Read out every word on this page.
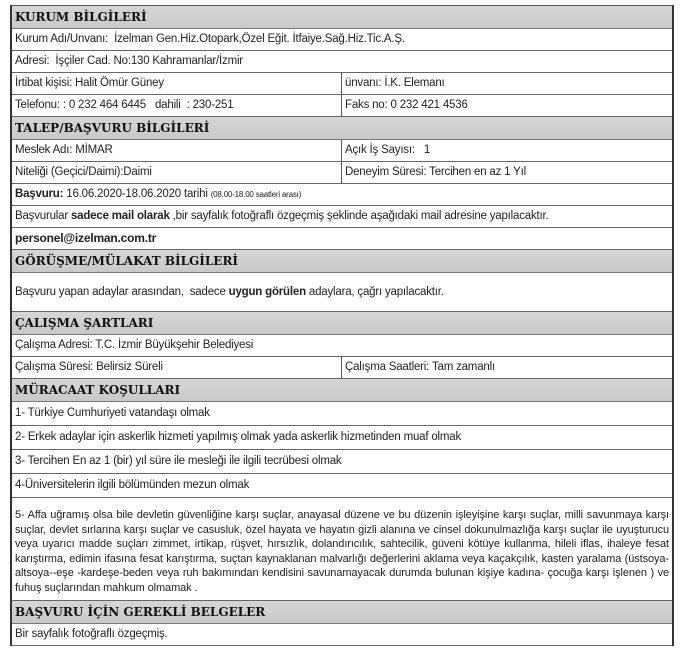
KURUM BİLGİLERİ
Kurum Adı/Unvanı:
İzelman Gen.Hiz.Otopark,Özel Eğit. İtfaiye.Sağ.Hiz.Tic.A.Ş.
Adresi:
İşçiler Cad. No:130 Kahramanlar/İzmir
İrtibat kişisi: Halit Ömür Güney	ünvanı: İ.K. Elemanı
Telefonu: : 0 232 464 6445   dahili  : 230-251	Faks no: 0 232 421 4536
TALEP/BAŞVURU BİLGİLERİ
Meslek Adı: MİMAR	Açık İş Sayısı:   1
Niteliği (Geçici/Daimi):Daimi	Deneyim Süresi: Tercihen en az 1 Yıl
Başvuru: 16.06.2020-18.06.2020 tarihi (08.00-18.00 saatleri arası)
Başvurular sadece mail olarak ,bir sayfalık fotoğraflı özgeçmiş şeklinde aşağıdaki mail adresine yapılacaktır.
personel@izelman.com.tr
GÖRÜŞME/MÜLAKAT BİLGİLERİ
Başvuru yapan adaylar arasından,  sadece uygun görülen adaylara, çağrı yapılacaktır.
ÇALIŞMA ŞARTLARI
Çalışma Adresi: T.C. İzmir Büyükşehir Belediyesi
Çalışma Süresi: Belirsiz Süreli	Çalışma Saatleri: Tam zamanlı
MÜRACAAT KOŞULLARI
1- Türkiye Cumhuriyeti vatandaşı olmak
2- Erkek adaylar için askerlik hizmeti yapılmış olmak yada askerlik hizmetinden muaf olmak
3- Tercihen En az 1 (bir) yıl süre ile mesleği ile ilgili tecrübesi olmak
4-Üniversitelerin ilgili bölümünden mezun olmak
5- Affa uğramış olsa bile devletin güvenliğine karşı suçlar, anayasal düzene ve bu düzenin işleyişine karşı suçlar, milli savunmaya karşı suçlar, devlet sırlarına karşı suçlar ve casusluk, özel hayata ve hayatın gizli alanına ve cinsel dokunulmazlığa karşı suçlar ile uyuşturucu veya uyarıcı madde suçları zimmet, irtikap, rüşvet, hırsızlık, dolandırıcılık, sahtecilik, güveni kötüye kullanma, hileli iflas, ihaleye fesat karıştırma, edimin ifasına fesat karıştırma, suçtan kaynaklanan malvarlığı değerlerini aklama veya kaçakçılık, kasten yaralama (üstsoya-altsoya--eşe -kardeşe-beden veya ruh bakımından kendisini savunamayacak durumda bulunan kişiye kadına- çocuğa karşı işlenen ) ve fuhuş suçlarından mahkum olmamak .
BAŞVURU İÇİN GEREKLİ BELGELER
Bir sayfalık fotoğraflı özgeçmiş.
